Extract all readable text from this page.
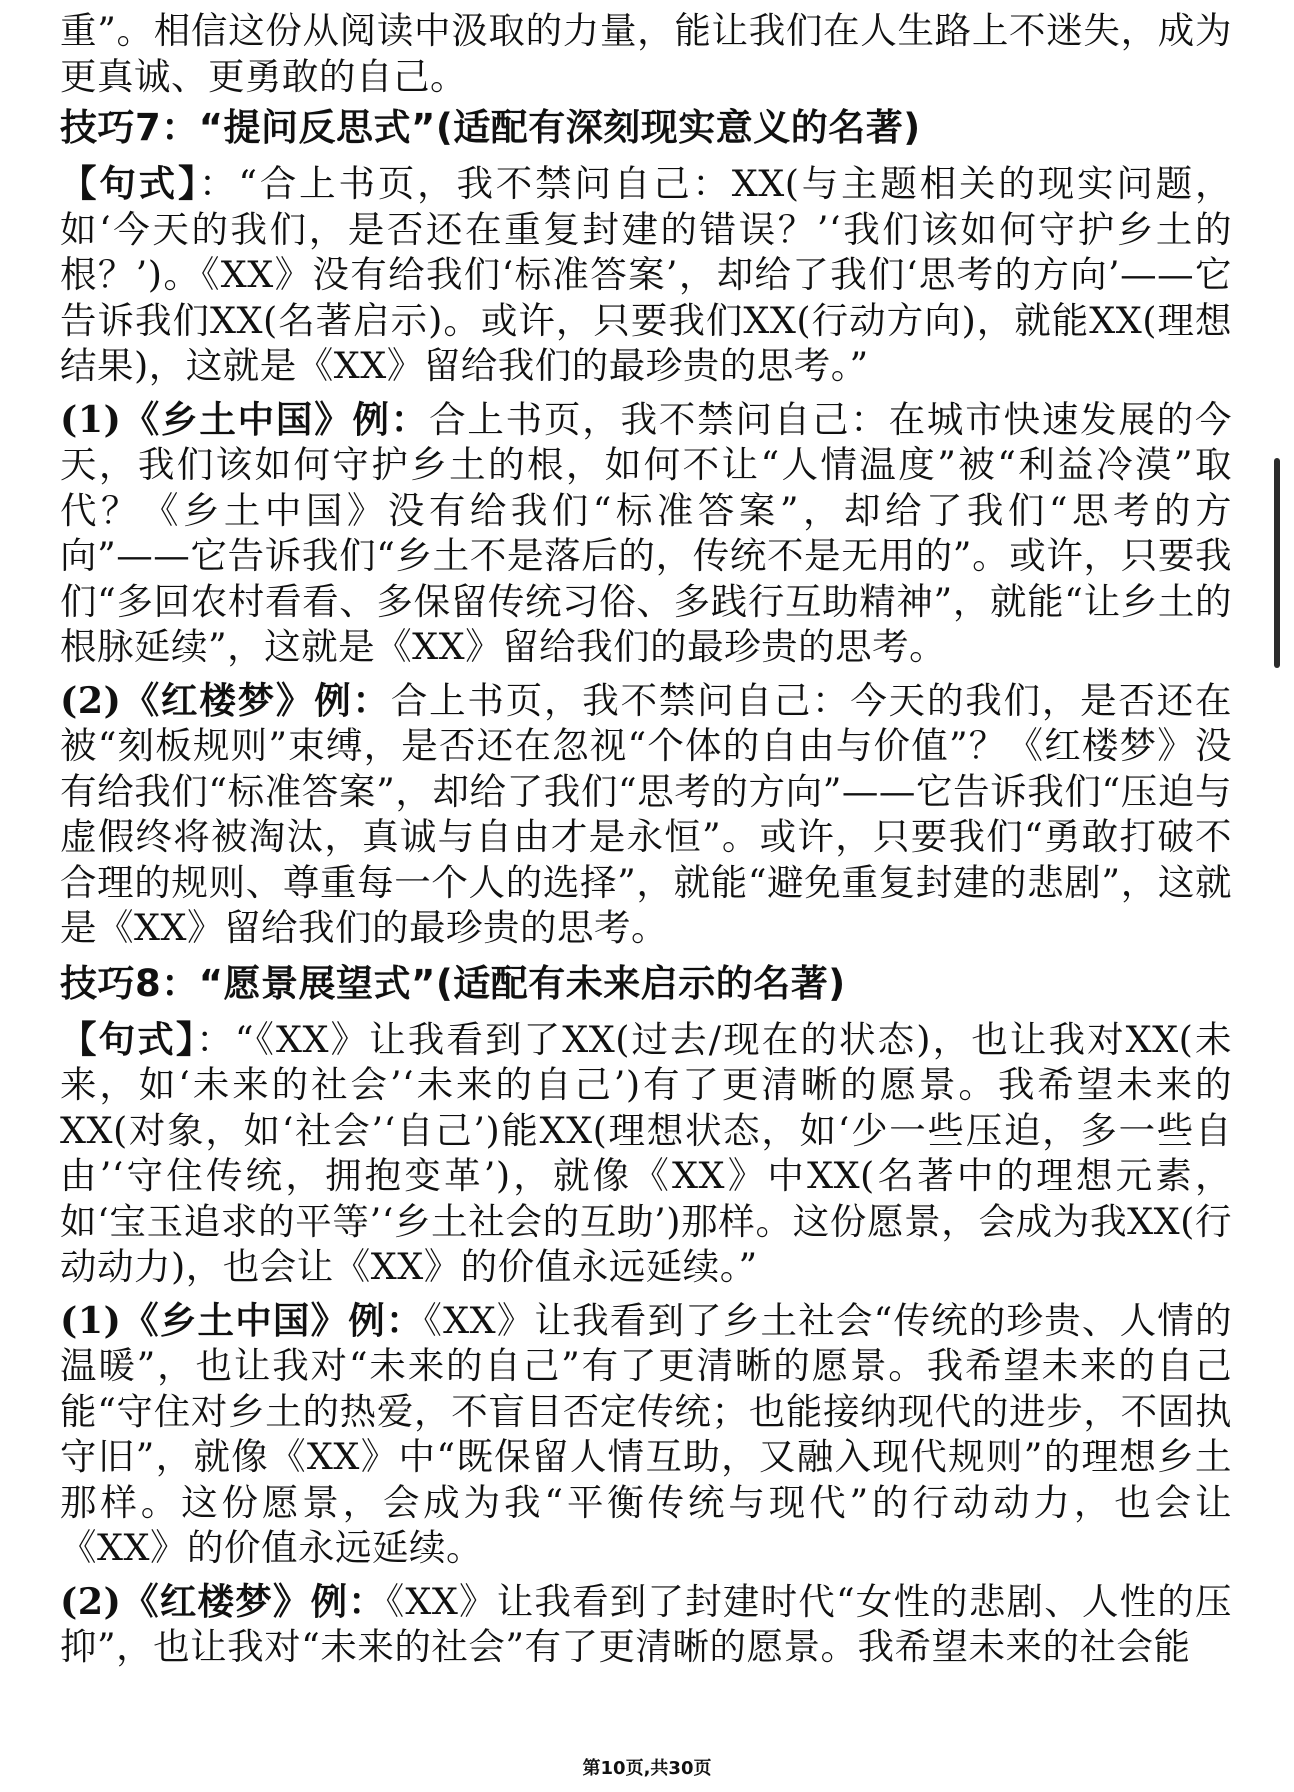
重”。相信这份从阅读中汲取的力量，能让我们在人生路上不迷失，成为更真诚、更勇敢的自己。

技巧7：“提问反思式”(适配有深刻现实意义的名著)

【句式】：“合上书页，我不禁问自己：XX(与主题相关的现实问题，如‘今天的我们，是否还在重复封建的错误？’‘我们该如何守护乡土的根？’)。《XX》没有给我们‘标准答案’，却给了我们‘思考的方向’——它告诉我们XX(名著启示)。或许，只要我们XX(行动方向)，就能XX(理想结果)，这就是《XX》留给我们的最珍贵的思考。”

(1)《乡土中国》例：合上书页，我不禁问自己：在城市快速发展的今天，我们该如何守护乡土的根，如何不让“人情温度”被“利益冷漠”取代？《乡土中国》没有给我们“标准答案”，却给了我们“思考的方向”——它告诉我们“乡土不是落后的，传统不是无用的”。或许，只要我们“多回农村看看、多保留传统习俗、多践行互助精神”，就能“让乡土的根脉延续”，这就是《XX》留给我们的最珍贵的思考。

(2)《红楼梦》例：合上书页，我不禁问自己：今天的我们，是否还在被“刻板规则”束缚，是否还在忽视“个体的自由与价值”？《红楼梦》没有给我们“标准答案”，却给了我们“思考的方向”——它告诉我们“压迫与虚假终将被淘汰，真诚与自由才是永恒”。或许，只要我们“勇敢打破不合理的规则、尊重每一个人的选择”，就能“避免重复封建的悲剧”，这就是《XX》留给我们的最珍贵的思考。

技巧8：“愿景展望式”(适配有未来启示的名著)

【句式】：“《XX》让我看到了XX(过去/现在的状态)，也让我对XX(未来，如‘未来的社会’‘未来的自己’)有了更清晰的愿景。我希望未来的XX(对象，如‘社会’‘自己’)能XX(理想状态，如‘少一些压迫，多一些自由’‘守住传统，拥抱变革’)，就像《XX》中XX(名著中的理想元素，如‘宝玉追求的平等’‘乡土社会的互助’)那样。这份愿景，会成为我XX(行动动力)，也会让《XX》的价值永远延续。”

(1)《乡土中国》例：《XX》让我看到了乡土社会“传统的珍贵、人情的温暖”，也让我对“未来的自己”有了更清晰的愿景。我希望未来的自己能“守住对乡土的热爱，不盲目否定传统；也能接纳现代的进步，不固执守旧”，就像《XX》中“既保留人情互助，又融入现代规则”的理想乡土那样。这份愿景，会成为我“平衡传统与现代”的行动动力，也会让《XX》的价值永远延续。

(2)《红楼梦》例：《XX》让我看到了封建时代“女性的悲剧、人性的压抑”，也让我对“未来的社会”有了更清晰的愿景。我希望未来的社会能

第10页,共30页
